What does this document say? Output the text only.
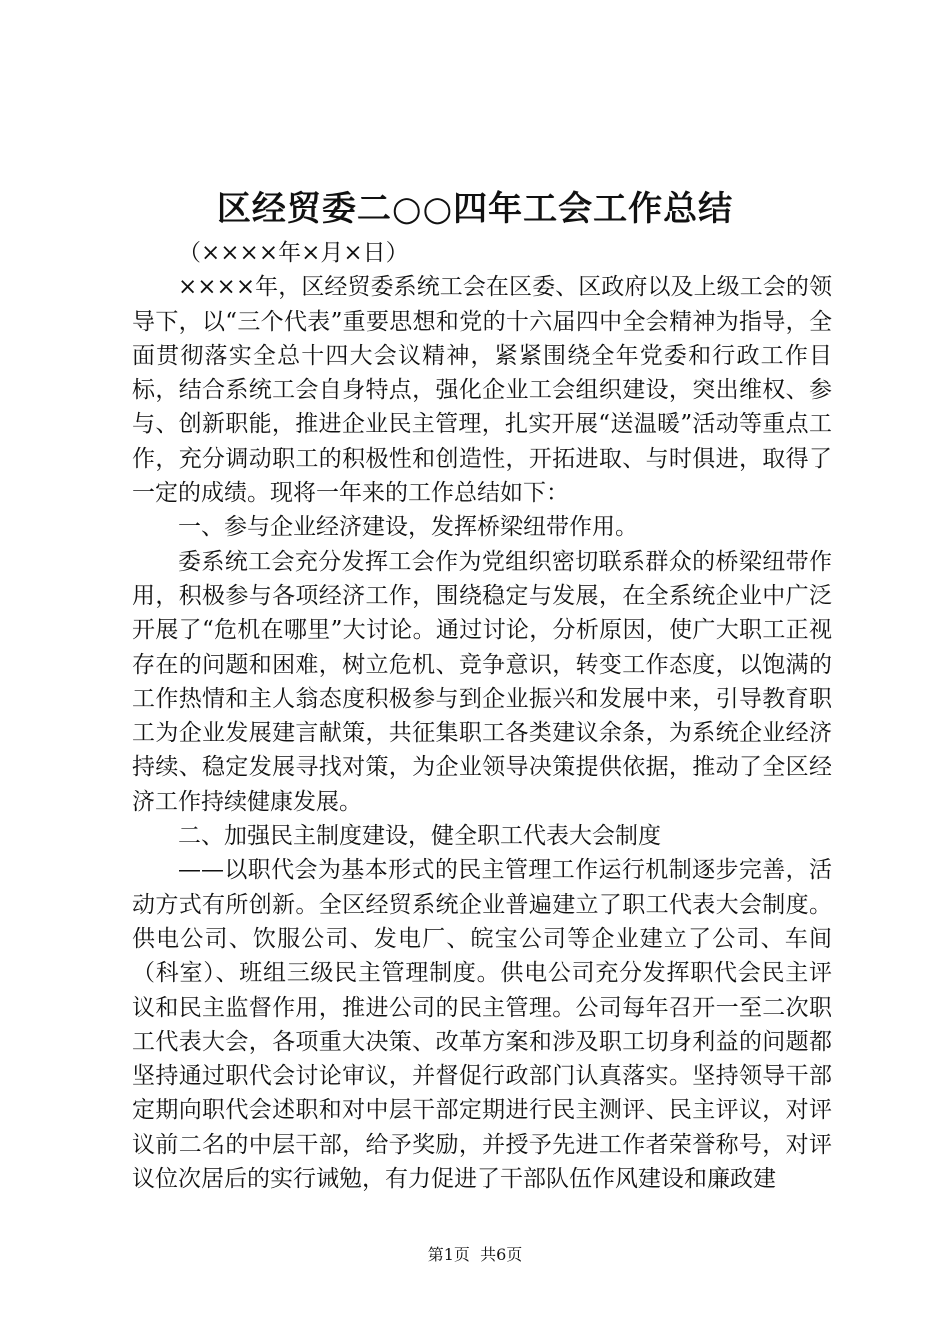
区经贸委二○○四年工会工作总结

（××××年×月×日）

××××年，区经贸委系统工会在区委、区政府以及上级工会的领导下，以“三个代表”重要思想和党的十六届四中全会精神为指导，全面贯彻落实全总十四大会议精神，紧紧围绕全年党委和行政工作目标，结合系统工会自身特点，强化企业工会组织建设，突出维权、参与、创新职能，推进企业民主管理，扎实开展“送温暖”活动等重点工作，充分调动职工的积极性和创造性，开拓进取、与时俱进，取得了一定的成绩。现将一年来的工作总结如下：

一、参与企业经济建设，发挥桥梁纽带作用。

委系统工会充分发挥工会作为党组织密切联系群众的桥梁纽带作用，积极参与各项经济工作，围绕稳定与发展，在全系统企业中广泛开展了“危机在哪里”大讨论。通过讨论，分析原因，使广大职工正视存在的问题和困难，树立危机、竞争意识，转变工作态度，以饱满的工作热情和主人翁态度积极参与到企业振兴和发展中来，引导教育职工为企业发展建言献策，共征集职工各类建议余条，为系统企业经济持续、稳定发展寻找对策，为企业领导决策提供依据，推动了全区经济工作持续健康发展。

二、加强民主制度建设，健全职工代表大会制度

——以职代会为基本形式的民主管理工作运行机制逐步完善，活动方式有所创新。全区经贸系统企业普遍建立了职工代表大会制度。供电公司、饮服公司、发电厂、皖宝公司等企业建立了公司、车间（科室）、班组三级民主管理制度。供电公司充分发挥职代会民主评议和民主监督作用，推进公司的民主管理。公司每年召开一至二次职工代表大会，各项重大决策、改革方案和涉及职工切身利益的问题都坚持通过职代会讨论审议，并督促行政部门认真落实。坚持领导干部定期向职代会述职和对中层干部定期进行民主测评、民主评议，对评议前二名的中层干部，给予奖励，并授予先进工作者荣誉称号，对评议位次居后的实行诫勉，有力促进了干部队伍作风建设和廉政建

第1页  共6页
